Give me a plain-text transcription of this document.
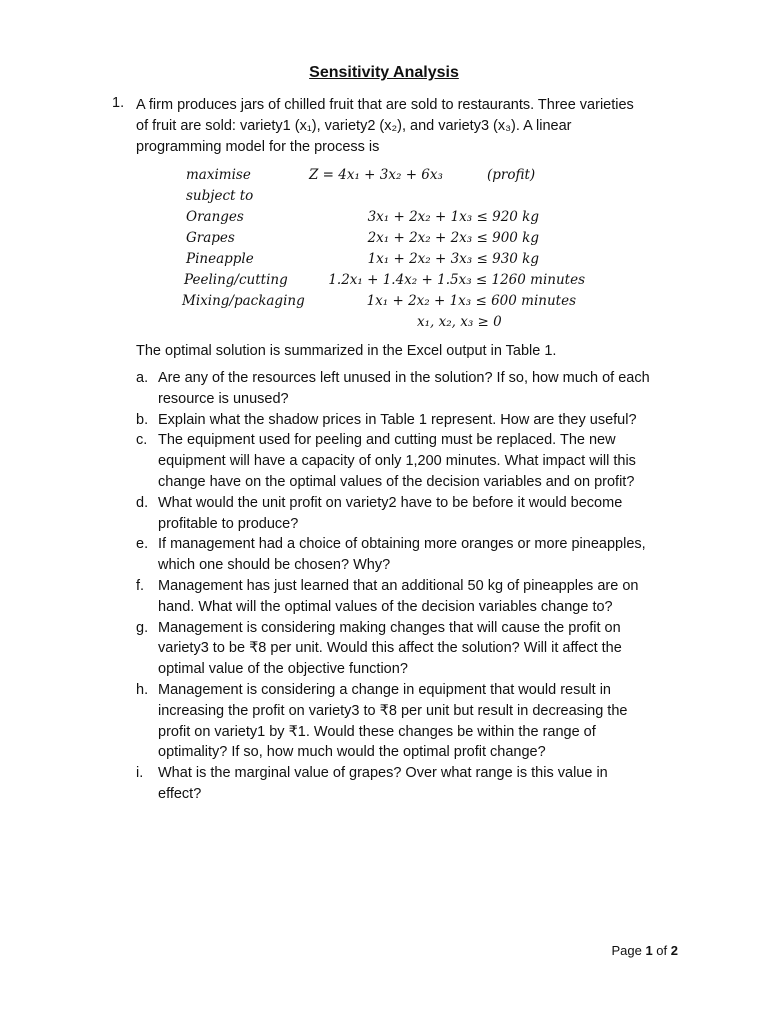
Sensitivity Analysis
1. A firm produces jars of chilled fruit that are sold to restaurants. Three varieties
of fruit are sold: variety1 (x₁), variety2 (x₂), and variety3 (x₃). A linear
programming model for the process is
maximise	Z = 4x₁ + 3x₂ + 6x₃	(profit)
subject to
Oranges	3x₁ + 2x₂ + 1x₃ ≤ 920 kg
Grapes	2x₁ + 2x₂ + 2x₃ ≤ 900 kg
Pineapple	1x₁ + 2x₂ + 3x₃ ≤ 930 kg
Peeling/cutting	1.2x₁ + 1.4x₂ + 1.5x₃ ≤ 1260 minutes
Mixing/packaging	1x₁ + 2x₂ + 1x₃ ≤ 600 minutes
x₁, x₂, x₃ ≥ 0
The optimal solution is summarized in the Excel output in Table 1.
a. Are any of the resources left unused in the solution? If so, how much of each
resource is unused?
b. Explain what the shadow prices in Table 1 represent. How are they useful?
c. The equipment used for peeling and cutting must be replaced. The new
equipment will have a capacity of only 1,200 minutes. What impact will this
change have on the optimal values of the decision variables and on profit?
d. What would the unit profit on variety2 have to be before it would become
profitable to produce?
e. If management had a choice of obtaining more oranges or more pineapples,
which one should be chosen? Why?
f. Management has just learned that an additional 50 kg of pineapples are on
hand. What will the optimal values of the decision variables change to?
g. Management is considering making changes that will cause the profit on
variety3 to be ₹8 per unit. Would this affect the solution? Will it affect the
optimal value of the objective function?
h. Management is considering a change in equipment that would result in
increasing the profit on variety3 to ₹8 per unit but result in decreasing the
profit on variety1 by ₹1. Would these changes be within the range of
optimality? If so, how much would the optimal profit change?
i. What is the marginal value of grapes? Over what range is this value in
effect?
Page 1 of 2
